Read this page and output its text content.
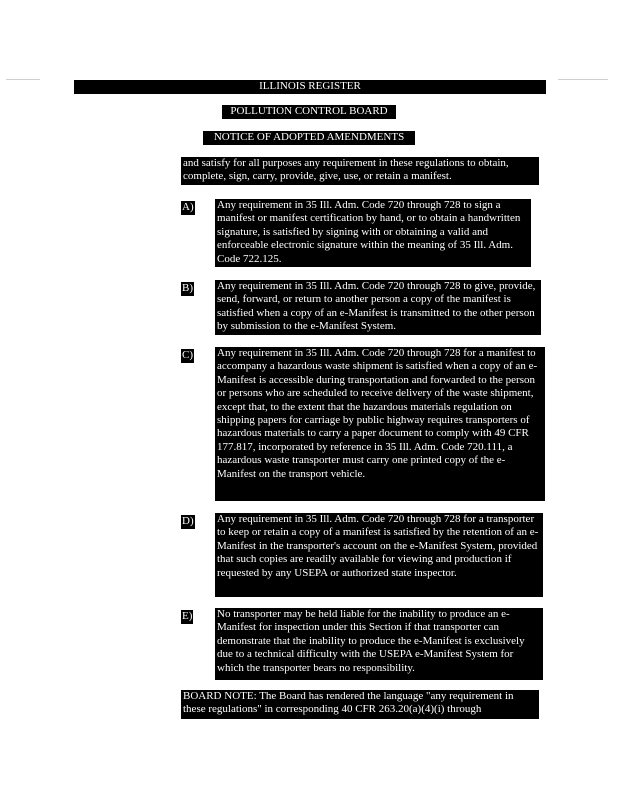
ILLINOIS REGISTER
POLLUTION CONTROL BOARD
NOTICE OF ADOPTED AMENDMENTS

and satisfy for all purposes any requirement in these regulations to obtain, complete, sign, carry, provide, give, use, or retain a manifest.

A) Any requirement in 35 Ill. Adm. Code 720 through 728 to sign a manifest or manifest certification by hand, or to obtain a handwritten signature, is satisfied by signing with or obtaining a valid and enforceable electronic signature within the meaning of 35 Ill. Adm. Code 722.125.

B) Any requirement in 35 Ill. Adm. Code 720 through 728 to give, provide, send, forward, or return to another person a copy of the manifest is satisfied when a copy of an e-Manifest is transmitted to the other person by submission to the e-Manifest System.

C) Any requirement in 35 Ill. Adm. Code 720 through 728 for a manifest to accompany a hazardous waste shipment is satisfied when a copy of an e-Manifest is accessible during transportation and forwarded to the person or persons who are scheduled to receive delivery of the waste shipment, except that, to the extent that the hazardous materials regulation on shipping papers for carriage by public highway requires transporters of hazardous materials to carry a paper document to comply with 49 CFR 177.817, incorporated by reference in 35 Ill. Adm. Code 720.111, a hazardous waste transporter must carry one printed copy of the e-Manifest on the transport vehicle.

D) Any requirement in 35 Ill. Adm. Code 720 through 728 for a transporter to keep or retain a copy of a manifest is satisfied by the retention of an e-Manifest in the transporter's account on the e-Manifest System, provided that such copies are readily available for viewing and production if requested by any USEPA or authorized state inspector.

E) No transporter may be held liable for the inability to produce an e-Manifest for inspection under this Section if that transporter can demonstrate that the inability to produce the e-Manifest is exclusively due to a technical difficulty with the USEPA e-Manifest System for which the transporter bears no responsibility.

BOARD NOTE: The Board has rendered the language "any requirement in these regulations" in corresponding 40 CFR 263.20(a)(4)(i) through
